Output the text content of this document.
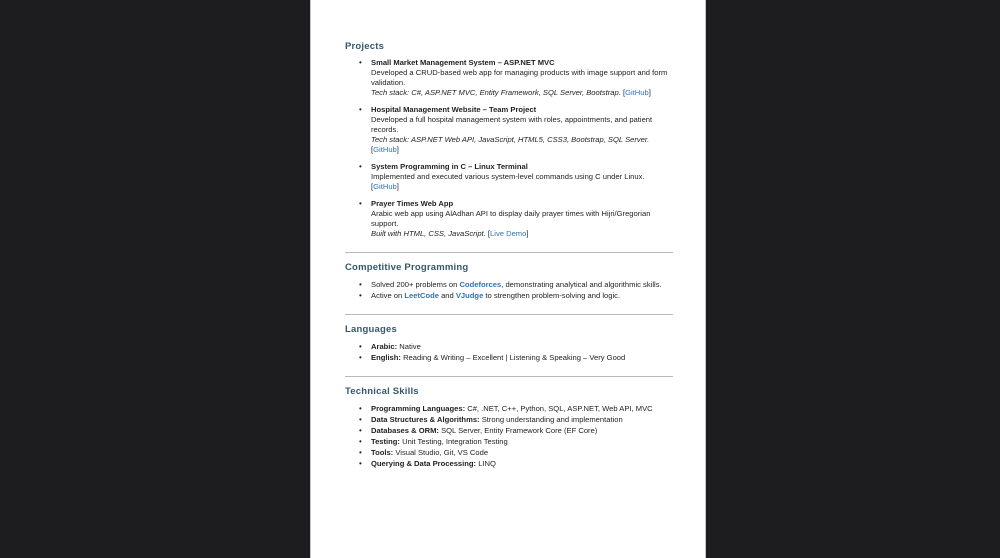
Projects

• Small Market Management System – ASP.NET MVC

Developed a CRUD-based web app for managing products with image support and form validation.

Tech stack: C#, ASP.NET MVC, Entity Framework, SQL Server, Bootstrap. [GitHub]

• Hospital Management Website – Team Project

Developed a full hospital management system with roles, appointments, and patient records.

Tech stack: ASP.NET Web API, JavaScript, HTML5, CSS3, Bootstrap, SQL Server. [GitHub]

• System Programming in C – Linux Terminal

Implemented and executed various system-level commands using C under Linux. [GitHub]

• Prayer Times Web App

Arabic web app using AlAdhan API to display daily prayer times with Hijri/Gregorian support.

Built with HTML, CSS, JavaScript. [Live Demo]

Competitive Programming
• Solved 200+ problems on Codeforces, demonstrating analytical and algorithmic skills.
• Active on LeetCode and VJudge to strengthen problem-solving and logic.
Languages
• Arabic: Native
• English: Reading & Writing – Excellent | Listening & Speaking – Very Good
Technical Skills
• Programming Languages: C#, .NET, C++, Python, SQL, ASP.NET, Web API, MVC
• Data Structures & Algorithms: Strong understanding and implementation
• Databases & ORM: SQL Server, Entity Framework Core (EF Core)
• Testing: Unit Testing, Integration Testing
• Tools: Visual Studio, Git, VS Code
• Querying & Data Processing: LINQ
